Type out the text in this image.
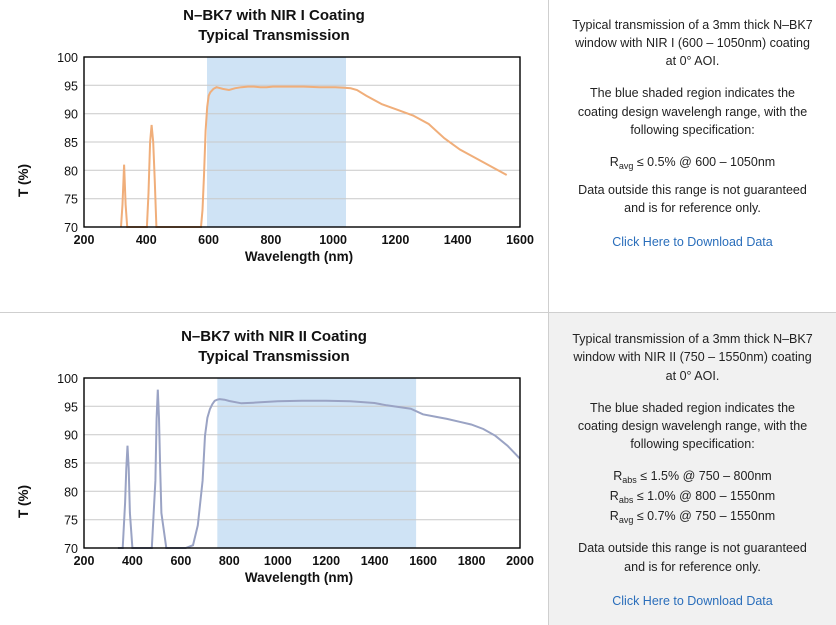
N–BK7 with NIR I Coating
Typical Transmission
T (%)
100
95
90
85
80
75
70
200	400	600	800	1000	1200	1400	1600
Wavelength (nm)

Typical transmission of a 3mm thick N–BK7 window with NIR I (600 – 1050nm) coating at 0° AOI.

The blue shaded region indicates the coating design wavelengh range, with the following specification:

$R_{avg} \le 0.5\%$ @ 600 – 1050nm

Data outside this range is not guaranteed and is for reference only.

Click Here to Download Data
N–BK7 with NIR II Coating
Typical Transmission
T (%)
100
95
90
85
80
75
70
200 400 600 800 1000 1200 1400 1600 1800 2000
Wavelength (nm)

Typical transmission of a 3mm thick N–BK7 window with NIR II (750 – 1550nm) coating at 0° AOI.

The blue shaded region indicates the coating design wavelengh range, with the following specification:

$R_{abs} \le 1.5\%$ @ 750 – 800nm

$R_{abs} \le 1.0\%$ @ 800 – 1550nm

$R_{avg} \le 0.7\%$ @ 750 – 1550nm

Data outside this range is not guaranteed and is for reference only.

Click Here to Download Data
